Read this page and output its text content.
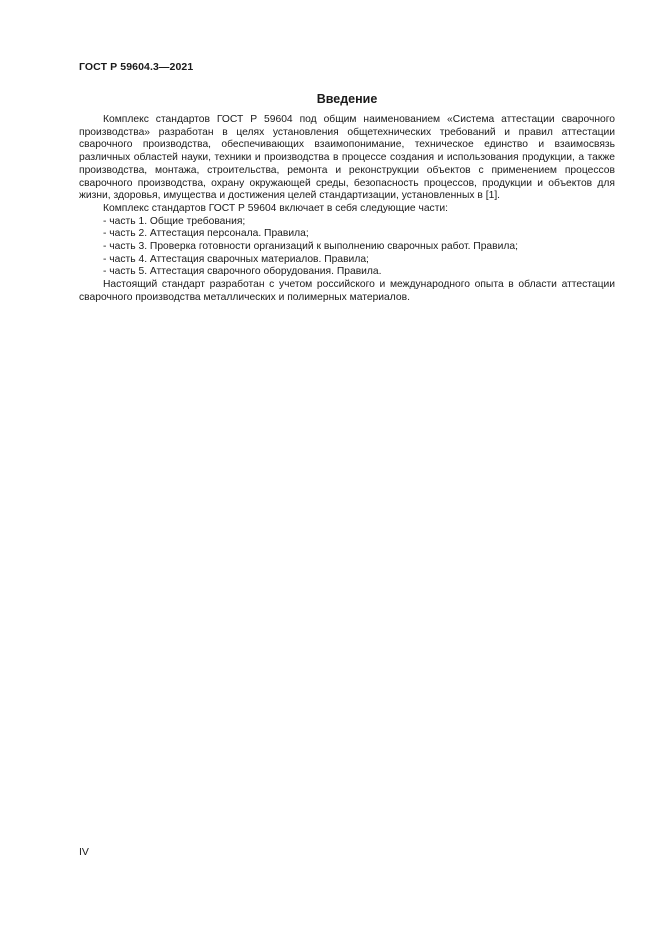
ГОСТ Р 59604.3—2021
Введение

Комплекс стандартов ГОСТ Р 59604 под общим наименованием «Система аттестации сварочного производства» разработан в целях установления общетехнических требований и правил аттестации сварочного производства, обеспечивающих взаимопонимание, техническое единство и взаимосвязь различных областей науки, техники и производства в процессе создания и использования продукции, а также производства, монтажа, строительства, ремонта и реконструкции объектов с применением процессов сварочного производства, охрану окружающей среды, безопасность процессов, продукции и объектов для жизни, здоровья, имущества и достижения целей стандартизации, установленных в [1].

Комплекс стандартов ГОСТ Р 59604 включает в себя следующие части:

- часть 1. Общие требования;

- часть 2. Аттестация персонала. Правила;

- часть 3. Проверка готовности организаций к выполнению сварочных работ. Правила;

- часть 4. Аттестация сварочных материалов. Правила;

- часть 5. Аттестация сварочного оборудования. Правила.

Настоящий стандарт разработан с учетом российского и международного опыта в области аттестации сварочного производства металлических и полимерных материалов.

IV
